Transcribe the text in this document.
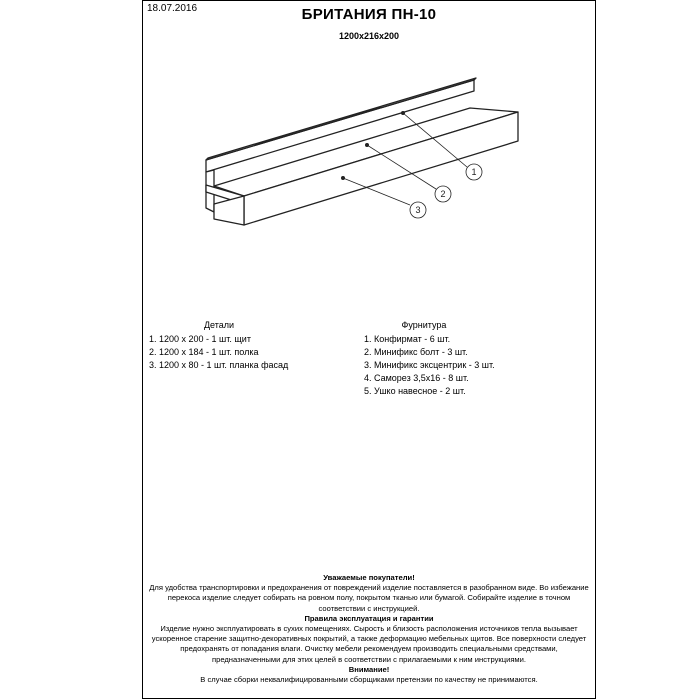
18.07.2016	БРИТАНИЯ ПН-10
1200х216х200
Детали
1. 1200 х 200 - 1 шт. щит
2. 1200 х 184 - 1 шт. полка
3. 1200 х 80 - 1 шт. планка фасад
Фурнитура
1. Конфирмат - 6 шт.
2. Минификс болт - 3 шт.
3. Минификс эксцентрик - 3 шт.
4. Саморез 3,5х16 - 8 шт.
5. Ушко навесное - 2 шт.

Уважаемые покупатели!

Для удобства транспортировки и предохранения от повреждений изделие поставляется в разобранном виде. Во избежание перекоса изделие следует собирать на ровном полу, покрытом тканью или бумагой. Собирайте изделие в точном соответствии с инструкцией.

Правила эксплуатация и гарантии

Изделие нужно эксплуатировать в сухих помещениях. Сырость и близость расположения источников тепла вызывает ускоренное старение защитно-декоративных покрытий, а также деформацию мебельных щитов. Все поверхности следует предохранять от попадания влаги. Очистку мебели рекомендуем производить специальными средствами, предназначенными для этих целей в соответствии с прилагаемыми к ним инструкциями.

Внимание!

В случае сборки неквалифицированными сборщиками претензии по качеству не принимаются.

1
2
3
